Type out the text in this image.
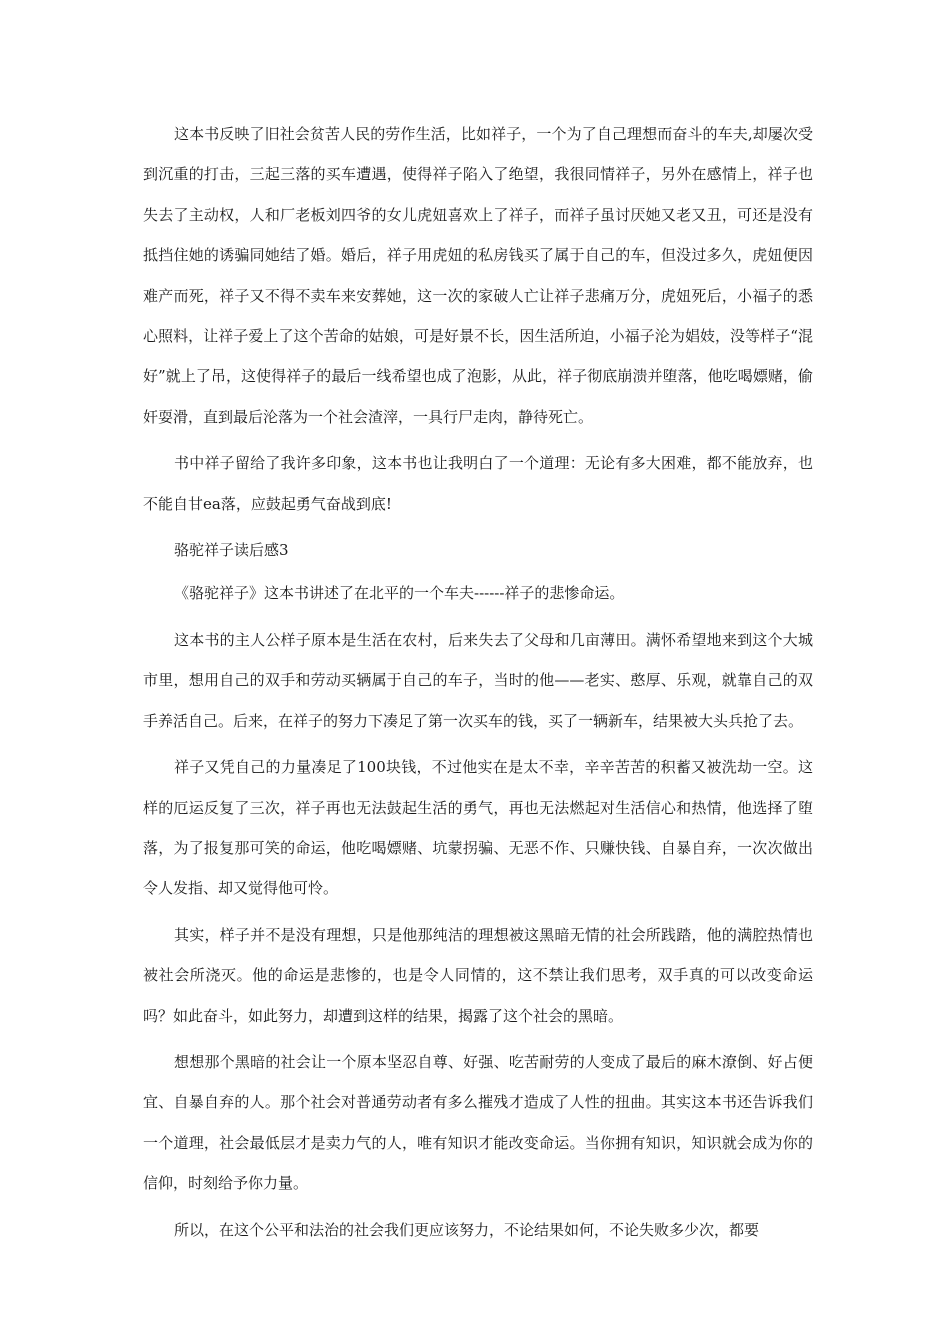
这本书反映了旧社会贫苦人民的劳作生活，比如祥子，一个为了自己理想而奋斗的车夫,却屡次受到沉重的打击，三起三落的买车遭遇，使得祥子陷入了绝望，我很同情祥子，另外在感情上，祥子也失去了主动权，人和厂老板刘四爷的女儿虎妞喜欢上了祥子，而祥子虽讨厌她又老又丑，可还是没有抵挡住她的诱骗同她结了婚。婚后，祥子用虎妞的私房钱买了属于自己的车，但没过多久，虎妞便因难产而死，祥子又不得不卖车来安葬她，这一次的家破人亡让祥子悲痛万分，虎妞死后，小福子的悉心照料，让祥子爱上了这个苦命的姑娘，可是好景不长，因生活所迫，小福子沦为娼妓，没等样子“混好”就上了吊，这使得祥子的最后一线希望也成了泡影，从此，祥子彻底崩溃并堕落，他吃喝嫖赌，偷奸耍滑，直到最后沦落为一个社会渣滓，一具行尸走肉，静待死亡。

书中祥子留给了我许多印象，这本书也让我明白了一个道理：无论有多大困难，都不能放弃，也不能自甘ea落，应鼓起勇气奋战到底!

骆驼祥子读后感3

《骆驼祥子》这本书讲述了在北平的一个车夫------祥子的悲惨命运。

这本书的主人公样子原本是生活在农村，后来失去了父母和几亩薄田。满怀希望地来到这个大城市里，想用自己的双手和劳动买辆属于自己的车子，当时的他——老实、憨厚、乐观，就靠自己的双手养活自己。后来，在祥子的努力下凑足了第一次买车的钱，买了一辆新车，结果被大头兵抢了去。

祥子又凭自己的力量凑足了100块钱，不过他实在是太不幸，辛辛苦苦的积蓄又被洗劫一空。这样的厄运反复了三次，祥子再也无法鼓起生活的勇气，再也无法燃起对生活信心和热情，他选择了堕落，为了报复那可笑的命运，他吃喝嫖赌、坑蒙拐骗、无恶不作、只赚快钱、自暴自弃，一次次做出令人发指、却又觉得他可怜。

其实，样子并不是没有理想，只是他那纯洁的理想被这黑暗无情的社会所践踏，他的满腔热情也被社会所浇灭。他的命运是悲惨的，也是令人同情的，这不禁让我们思考，双手真的可以改变命运吗？如此奋斗，如此努力，却遭到这样的结果，揭露了这个社会的黑暗。

想想那个黑暗的社会让一个原本坚忍自尊、好强、吃苦耐劳的人变成了最后的麻木潦倒、好占便宜、自暴自弃的人。那个社会对普通劳动者有多么摧残才造成了人性的扭曲。其实这本书还告诉我们一个道理，社会最低层才是卖力气的人，唯有知识才能改变命运。当你拥有知识，知识就会成为你的信仰，时刻给予你力量。

所以，在这个公平和法治的社会我们更应该努力，不论结果如何，不论失败多少次，都要
